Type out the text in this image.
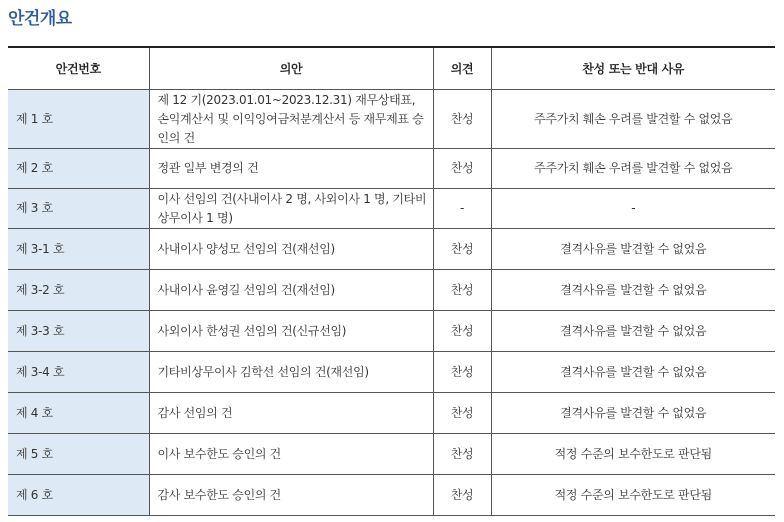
안건개요
안건번호	의안	의견	찬성 또는 반대 사유
제 1 호	제 12 기(2023.01.01~2023.12.31) 재무상태표, 손익계산서 및 이익잉여금처분계산서 등 재무제표 승인의 건	찬성	주주가치 훼손 우려를 발견할 수 없었음
제 2 호	정관 일부 변경의 건	찬성	주주가치 훼손 우려를 발견할 수 없었음
제 3 호	이사 선임의 건(사내이사 2 명, 사외이사 1 명, 기타비상무이사 1 명)	-	-
제 3-1 호	사내이사 양성모 선임의 건(재선임)	찬성	결격사유를 발견할 수 없었음
제 3-2 호	사내이사 윤영길 선임의 건(재선임)	찬성	결격사유를 발견할 수 없었음
제 3-3 호	사외이사 한성권 선임의 건(신규선임)	찬성	결격사유를 발견할 수 없었음
제 3-4 호	기타비상무이사 김학선 선임의 건(재선임)	찬성	결격사유를 발견할 수 없었음
제 4 호	감사 선임의 건	찬성	결격사유를 발견할 수 없었음
제 5 호	이사 보수한도 승인의 건	찬성	적정 수준의 보수한도로 판단됨
제 6 호	감사 보수한도 승인의 건	찬성	적정 수준의 보수한도로 판단됨
